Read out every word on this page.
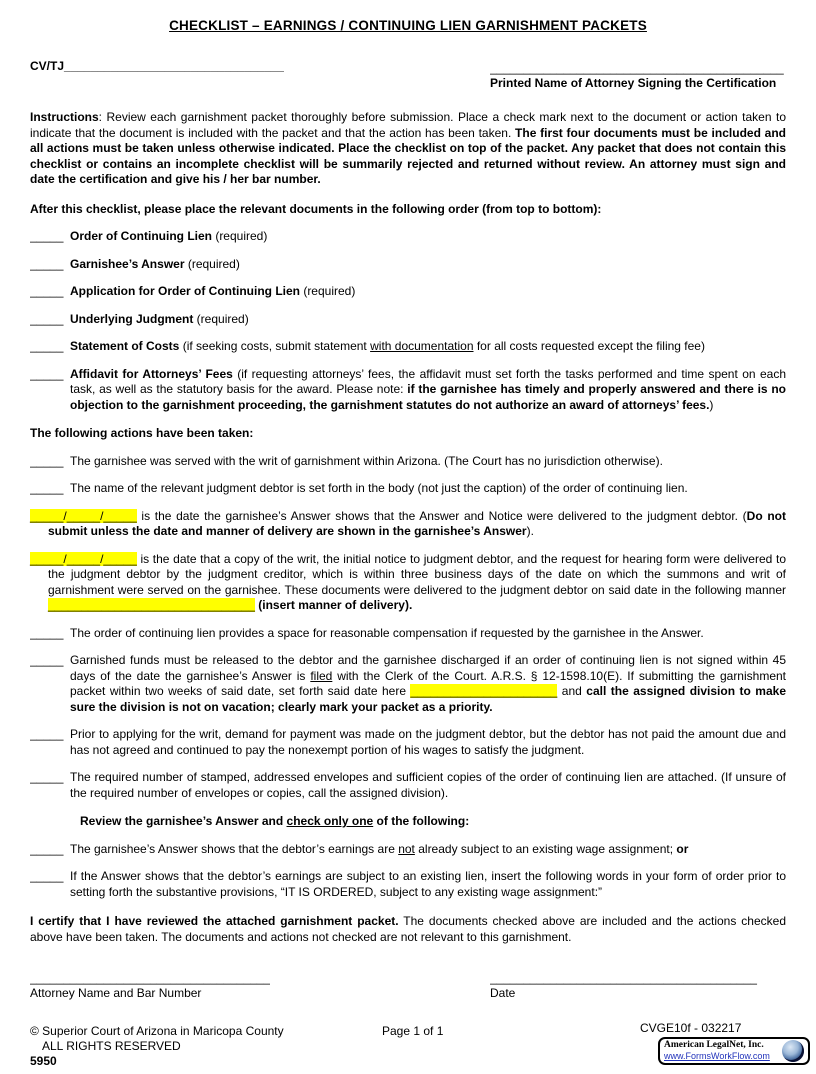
CHECKLIST – EARNINGS / CONTINUING LIEN GARNISHMENT PACKETS
CV/TJ_________________________________	____________________________________________
Printed Name of Attorney Signing the Certification

Instructions: Review each garnishment packet thoroughly before submission. Place a check mark next to the document or action taken to indicate that the document is included with the packet and that the action has been taken. The first four documents must be included and all actions must be taken unless otherwise indicated. Place the checklist on top of the packet. Any packet that does not contain this checklist or contains an incomplete checklist will be summarily rejected and returned without review. An attorney must sign and date the certification and give his / her bar number.

After this checklist, please place the relevant documents in the following order (from top to bottom):
_____ Order of Continuing Lien (required)
_____ Garnishee’s Answer (required)
_____ Application for Order of Continuing Lien (required)
_____ Underlying Judgment (required)
_____ Statement of Costs (if seeking costs, submit statement with documentation for all costs requested except the filing fee)
_____ Affidavit for Attorneys’ Fees (if requesting attorneys’ fees, the affidavit must set forth the tasks performed and time spent on each task, as well as the statutory basis for the award. Please note: if the garnishee has timely and properly answered and there is no objection to the garnishment proceeding, the garnishment statutes do not authorize an award of attorneys’ fees.)
The following actions have been taken:
_____ The garnishee was served with the writ of garnishment within Arizona. (The Court has no jurisdiction otherwise).
_____ The name of the relevant judgment debtor is set forth in the body (not just the caption) of the order of continuing lien.
_____/_____/_____ is the date the garnishee’s Answer shows that the Answer and Notice were delivered to the judgment debtor. (Do not submit unless the date and manner of delivery are shown in the garnishee’s Answer).
_____/_____/_____ is the date that a copy of the writ, the initial notice to judgment debtor, and the request for hearing form were delivered to the judgment debtor by the judgment creditor, which is within three business days of the date on which the summons and writ of garnishment were served on the garnishee. These documents were delivered to the judgment debtor on said date in the following manner _______________________________ (insert manner of delivery).
_____ The order of continuing lien provides a space for reasonable compensation if requested by the garnishee in the Answer.
_____ Garnished funds must be released to the debtor and the garnishee discharged if an order of continuing lien is not signed within 45 days of the date the garnishee’s Answer is filed with the Clerk of the Court. A.R.S. § 12-1598.10(E). If submitting the garnishment packet within two weeks of said date, set forth said date here ______________________ and call the assigned division to make sure the division is not on vacation; clearly mark your packet as a priority.
_____ Prior to applying for the writ, demand for payment was made on the judgment debtor, but the debtor has not paid the amount due and has not agreed and continued to pay the nonexempt portion of his wages to satisfy the judgment.
_____ The required number of stamped, addressed envelopes and sufficient copies of the order of continuing lien are attached. (If unsure of the required number of envelopes or copies, call the assigned division).
Review the garnishee’s Answer and check only one of the following:
_____ The garnishee’s Answer shows that the debtor’s earnings are not already subject to an existing wage assignment; or
_____ If the Answer shows that the debtor’s earnings are subject to an existing lien, insert the following words in your form of order prior to setting forth the substantive provisions, “IT IS ORDERED, subject to any existing wage assignment:”

I certify that I have reviewed the attached garnishment packet. The documents checked above are included and the actions checked above have been taken. The documents and actions not checked are not relevant to this garnishment.

____________________________________
Attorney Name and Bar Number
________________________________________
Date
© Superior Court of Arizona in Maricopa County
ALL RIGHTS RESERVED
5950
Page 1 of 1	CVGE10f - 032217
American LegalNet, Inc.
www.FormsWorkFlow.com
